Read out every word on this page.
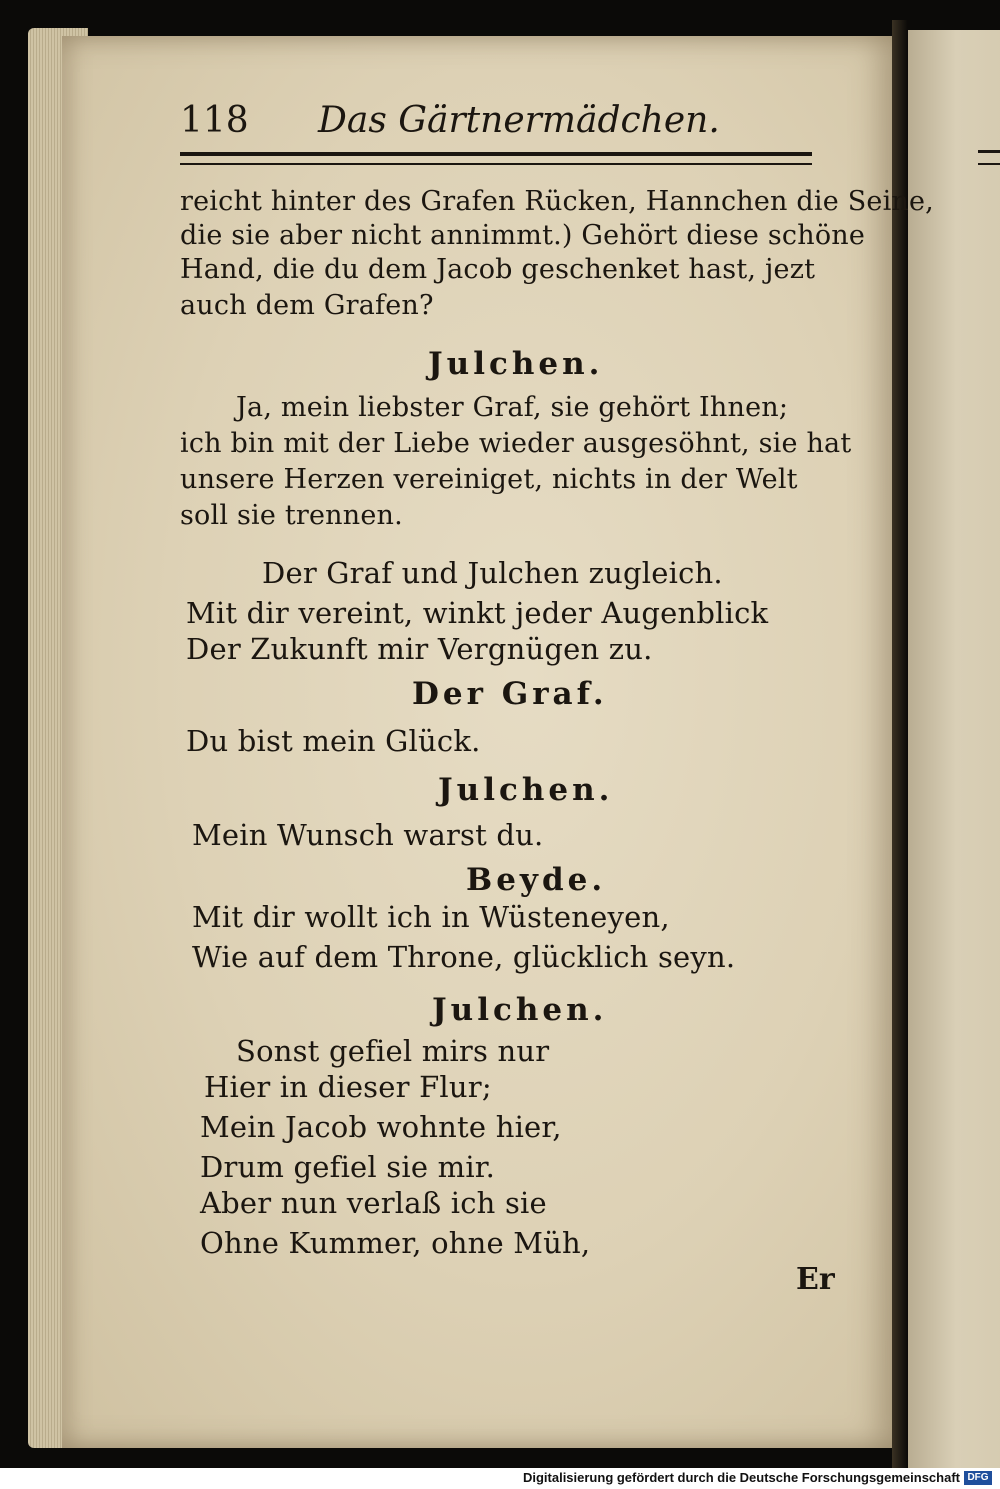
118 Das Gärtnermädchen.
reicht hinter des Grafen Rücken, Hannchen die Seine,
die sie aber nicht annimmt.) Gehört diese schöne
Hand, die du dem Jacob geschenket hast, jezt
auch dem Grafen?
Julchen.
Ja, mein liebster Graf, sie gehört Ihnen;
ich bin mit der Liebe wieder ausgesöhnt, sie hat
unsere Herzen vereiniget, nichts in der Welt
soll sie trennen.
Der Graf und Julchen zugleich.
Mit dir vereint, winkt jeder Augenblick
Der Zukunft mir Vergnügen zu.
Der Graf.
Du bist mein Glück.
Julchen.
Mein Wunsch warst du.
Beyde.
Mit dir wollt ich in Wüsteneyen,
Wie auf dem Throne, glücklich seyn.
Julchen.
Sonst gefiel mirs nur
Hier in dieser Flur;
Mein Jacob wohnte hier,
Drum gefiel sie mir.
Aber nun verlaß ich sie
Ohne Kummer, ohne Müh,
Er
Digitalisierung gefördert durch die Deutsche Forschungsgemeinschaft DFG
